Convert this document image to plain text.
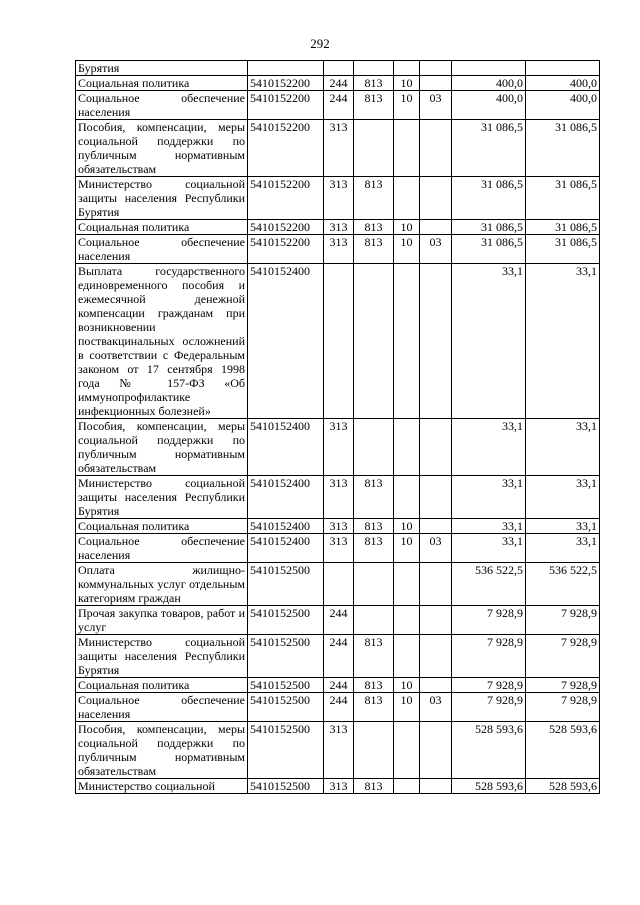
292
Бурятия							
Социальная политика	5410152200	244	813	10		400,0	400,0
Социальное обеспечение населения	5410152200	244	813	10	03	400,0	400,0
Пособия, компенсации, меры социальной поддержки по публичным нормативным обязательствам	5410152200	313				31 086,5	31 086,5
Министерство социальной защиты населения Республики Бурятия	5410152200	313	813			31 086,5	31 086,5
Социальная политика	5410152200	313	813	10		31 086,5	31 086,5
Социальное обеспечение населения	5410152200	313	813	10	03	31 086,5	31 086,5
Выплата государственного единовременного пособия и ежемесячной денежной компенсации гражданам при возникновении поствакцинальных осложнений в соответствии с Федеральным законом от 17 сентября 1998 года № 157-ФЗ «Об иммунопрофилактике инфекционных болезней»	5410152400					33,1	33,1
Пособия, компенсации, меры социальной поддержки по публичным нормативным обязательствам	5410152400	313				33,1	33,1
Министерство социальной защиты населения Республики Бурятия	5410152400	313	813			33,1	33,1
Социальная политика	5410152400	313	813	10		33,1	33,1
Социальное обеспечение населения	5410152400	313	813	10	03	33,1	33,1
Оплата жилищно-коммунальных услуг отдельным категориям граждан	5410152500					536 522,5	536 522,5
Прочая закупка товаров, работ и услуг	5410152500	244				7 928,9	7 928,9
Министерство социальной защиты населения Республики Бурятия	5410152500	244	813			7 928,9	7 928,9
Социальная политика	5410152500	244	813	10		7 928,9	7 928,9
Социальное обеспечение населения	5410152500	244	813	10	03	7 928,9	7 928,9
Пособия, компенсации, меры социальной поддержки по публичным нормативным обязательствам	5410152500	313				528 593,6	528 593,6
Министерство социальной	5410152500	313	813			528 593,6	528 593,6
